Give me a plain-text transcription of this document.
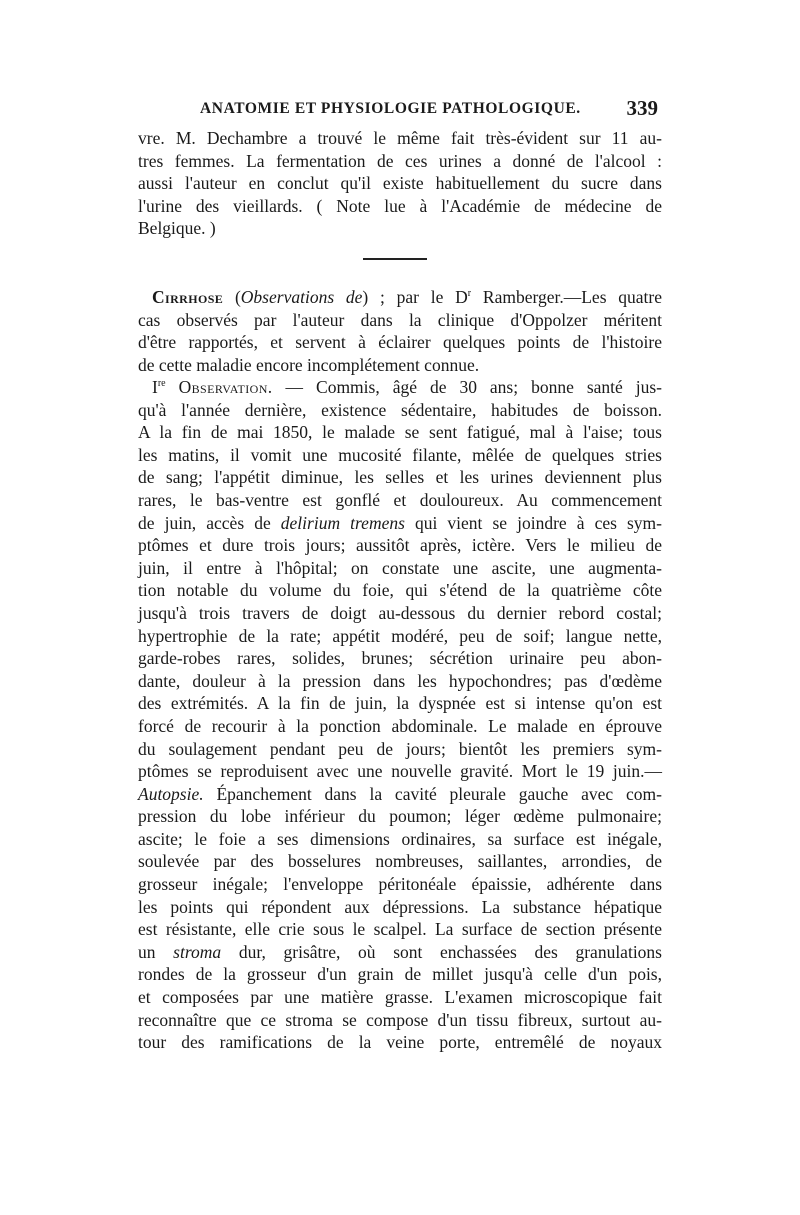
ANATOMIE ET PHYSIOLOGIE PATHOLOGIQUE. 339
vre. M. Dechambre a trouvé le même fait très-évident sur 11 au-
tres femmes. La fermentation de ces urines a donné de l'alcool :
aussi l'auteur en conclut qu'il existe habituellement du sucre dans
l'urine des vieillards. ( Note lue à l'Académie de médecine de
Belgique. )
Cirrhose (Observations de) ; par le $D^r$ Ramberger.—Les quatre
cas observés par l'auteur dans la clinique d'Oppolzer méritent
d'être rapportés, et servent à éclairer quelques points de l'histoire
de cette maladie encore incomplétement connue.
Ire Observation. — Commis, âgé de 30 ans; bonne santé jus-
qu'à l'année dernière, existence sédentaire, habitudes de boisson.
A la fin de mai 1850, le malade se sent fatigué, mal à l'aise; tous
les matins, il vomit une mucosité filante, mêlée de quelques stries
de sang; l'appétit diminue, les selles et les urines deviennent plus
rares, le bas-ventre est gonflé et douloureux. Au commencement
de juin, accès de delirium tremens qui vient se joindre à ces sym-
ptômes et dure trois jours; aussitôt après, ictère. Vers le milieu de
juin, il entre à l'hôpital; on constate une ascite, une augmenta-
tion notable du volume du foie, qui s'étend de la quatrième côte
jusqu'à trois travers de doigt au-dessous du dernier rebord costal;
hypertrophie de la rate; appétit modéré, peu de soif; langue nette,
garde-robes rares, solides, brunes; sécrétion urinaire peu abon-
dante, douleur à la pression dans les hypochondres; pas d'œdème
des extrémités. A la fin de juin, la dyspnée est si intense qu'on est
forcé de recourir à la ponction abdominale. Le malade en éprouve
du soulagement pendant peu de jours; bientôt les premiers sym-
ptômes se reproduisent avec une nouvelle gravité. Mort le 19 juin.—
Autopsie. Épanchement dans la cavité pleurale gauche avec com-
pression du lobe inférieur du poumon; léger œdème pulmonaire;
ascite; le foie a ses dimensions ordinaires, sa surface est inégale,
soulevée par des bosselures nombreuses, saillantes, arrondies, de
grosseur inégale; l'enveloppe péritonéale épaissie, adhérente dans
les points qui répondent aux dépressions. La substance hépatique
est résistante, elle crie sous le scalpel. La surface de section présente
un stroma dur, grisâtre, où sont enchassées des granulations
rondes de la grosseur d'un grain de millet jusqu'à celle d'un pois,
et composées par une matière grasse. L'examen microscopique fait
reconnaître que ce stroma se compose d'un tissu fibreux, surtout au-
tour des ramifications de la veine porte, entremêlé de noyaux
